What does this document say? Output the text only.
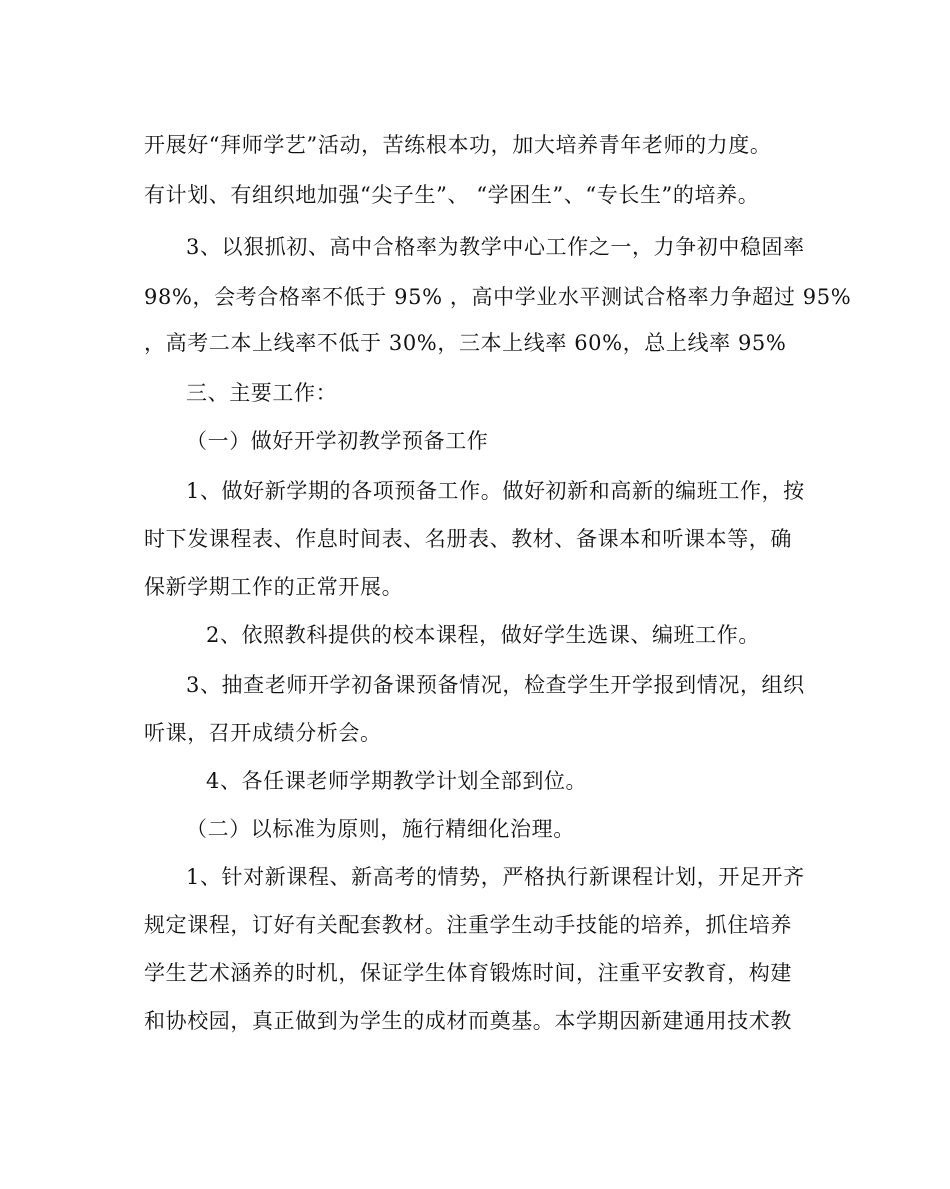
开展好“拜师学艺”活动，苦练根本功，加大培养青年老师的力度。
有计划、有组织地加强“尖子生”、 “学困生”、“专长生”的培养。
3、以狠抓初、高中合格率为教学中心工作之一，力争初中稳固率
98%，会考合格率不低于 95% ，高中学业水平测试合格率力争超过 95%
，高考二本上线率不低于 30%，三本上线率 60%，总上线率 95%
三、主要工作：
（一）做好开学初教学预备工作
1、做好新学期的各项预备工作。做好初新和高新的编班工作，按
时下发课程表、作息时间表、名册表、教材、备课本和听课本等，确
保新学期工作的正常开展。
2、依照教科提供的校本课程，做好学生选课、编班工作。
3、抽查老师开学初备课预备情况，检查学生开学报到情况，组织
听课，召开成绩分析会。
4、各任课老师学期教学计划全部到位。
（二）以标准为原则，施行精细化治理。
1、针对新课程、新高考的情势，严格执行新课程计划，开足开齐
规定课程，订好有关配套教材。注重学生动手技能的培养，抓住培养
学生艺术涵养的时机，保证学生体育锻炼时间，注重平安教育，构建
和协校园，真正做到为学生的成材而奠基。本学期因新建通用技术教
